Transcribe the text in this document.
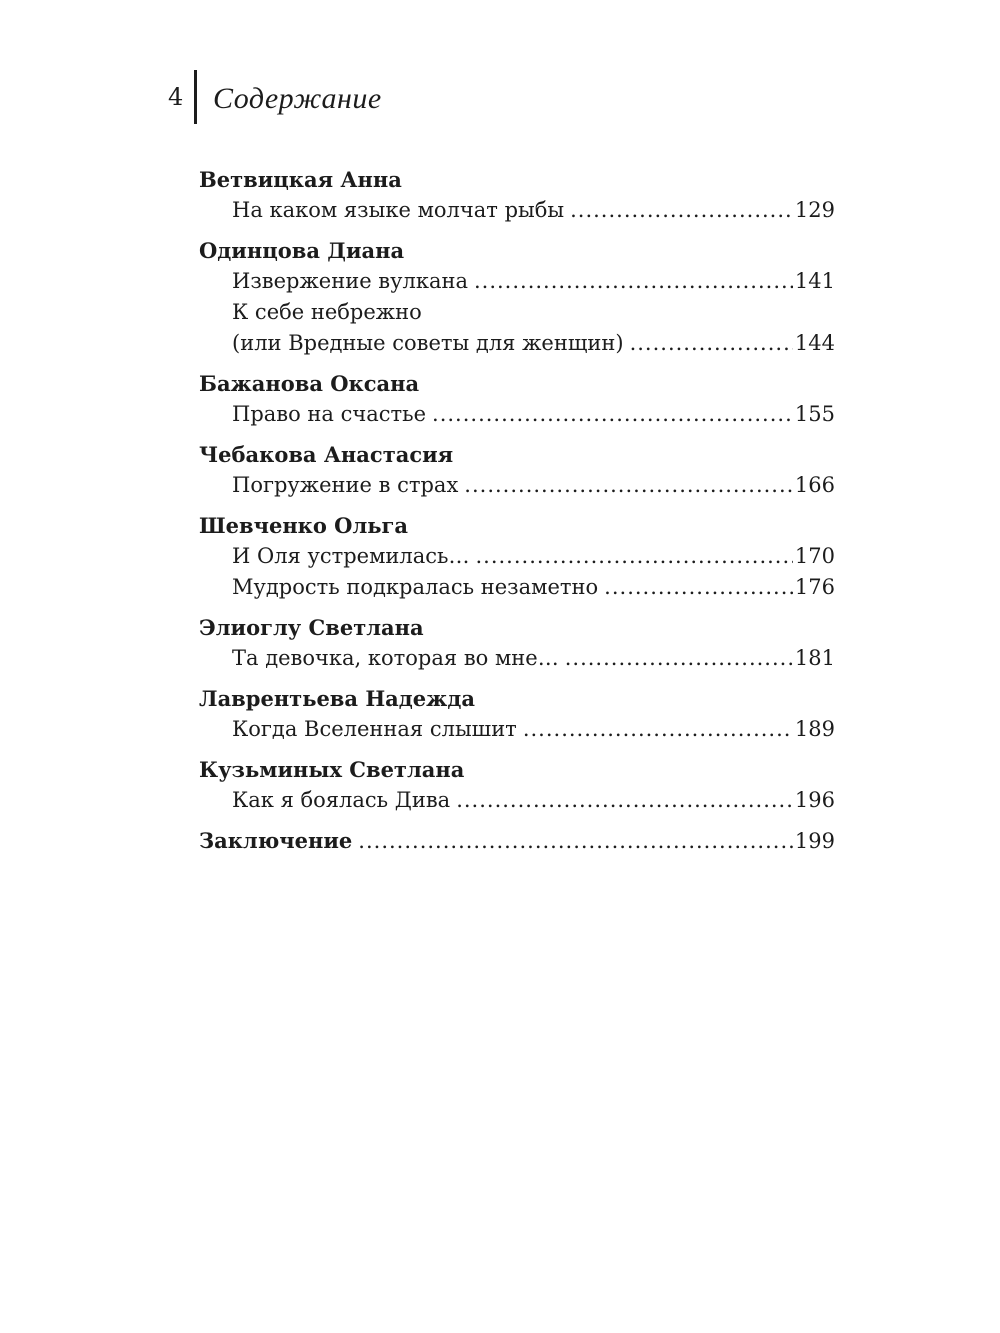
4 Содержание
Ветвицкая Анна
На каком языке молчат рыбы .....	129
Одинцова Диана
Извержение вулкана .....	141
К себе небрежно
(или Вредные советы для женщин) .....	144
Бажанова Оксана
Право на счастье .....	155
Чебакова Анастасия
Погружение в страх .....	166
Шевченко Ольга
И Оля устремилась… .....	170
Мудрость подкралась незаметно .....	176
Элиоглу Светлана
Та девочка, которая во мне… .....	181
Лаврентьева Надежда
Когда Вселенная слышит .....	189
Кузьминых Светлана
Как я боялась Дива .....	196
Заключение .....	199
